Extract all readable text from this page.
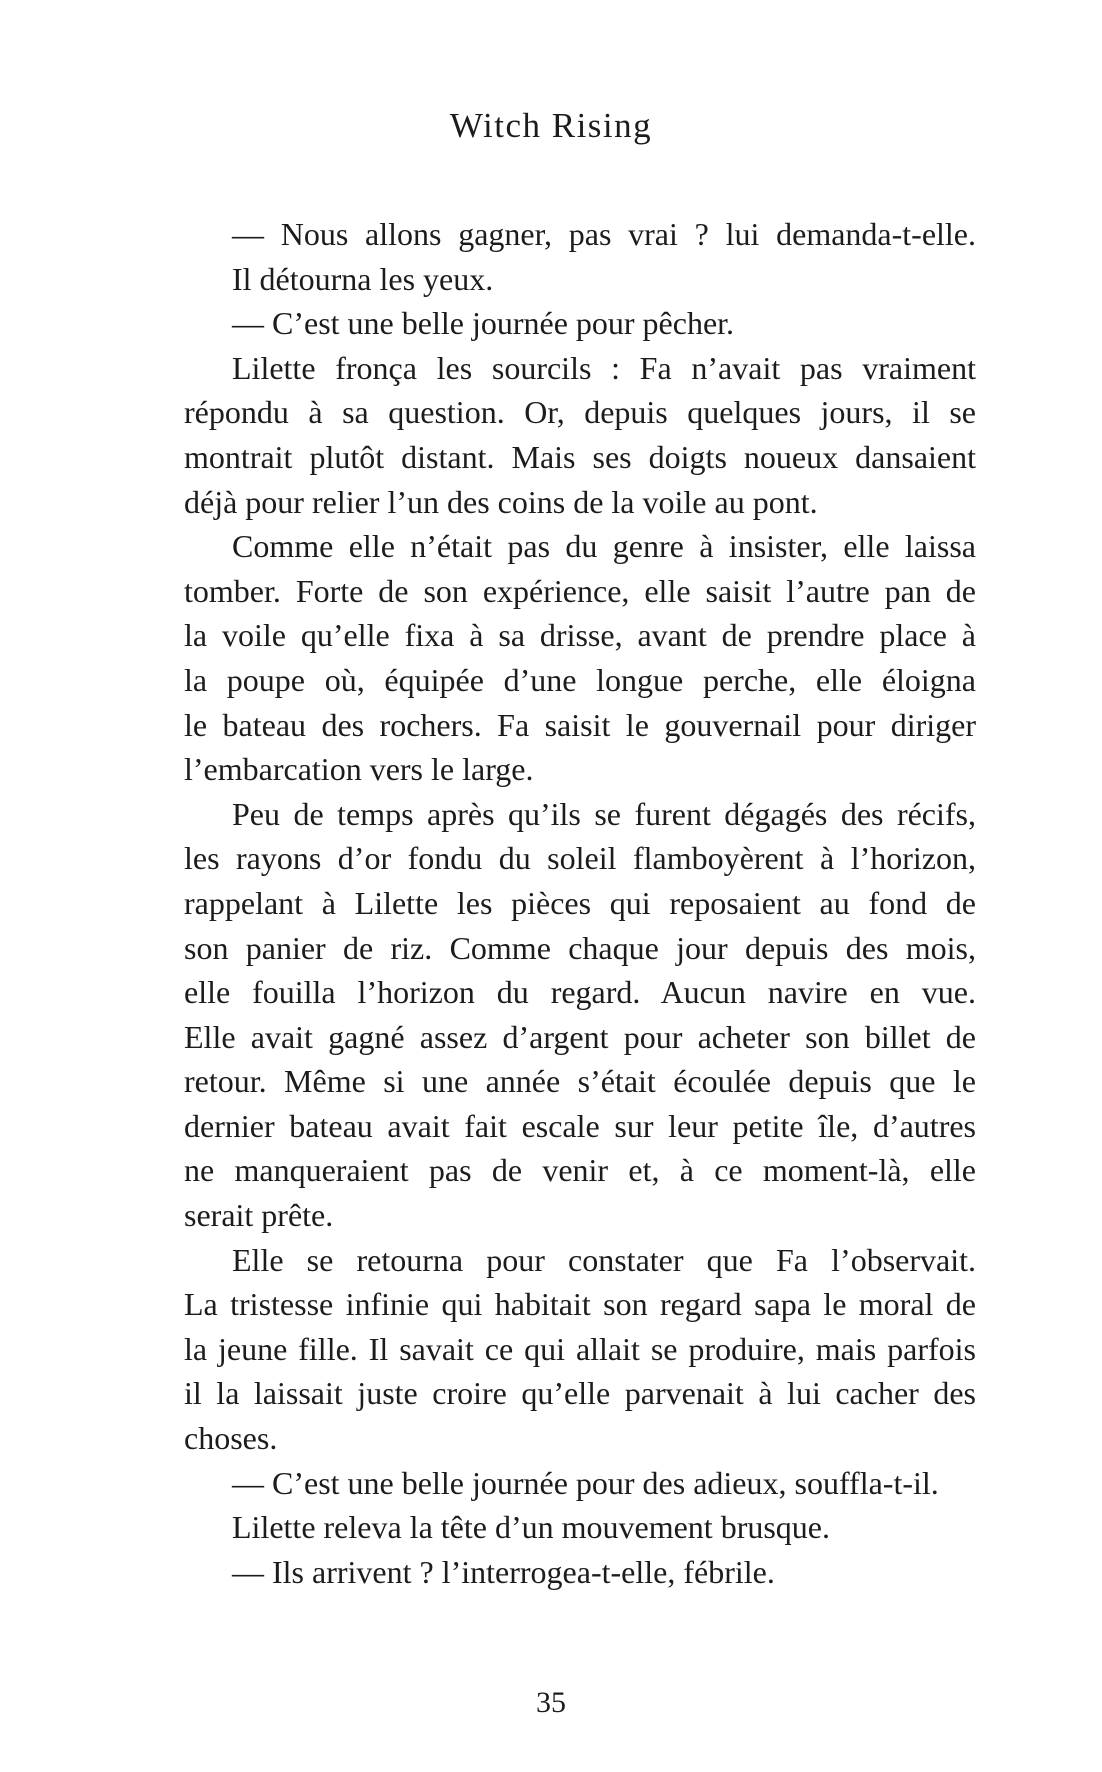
Witch Rising
— Nous allons gagner, pas vrai ? lui demanda-t-elle.
Il détourna les yeux.
— C’est une belle journée pour pêcher.
Lilette fronça les sourcils : Fa n’avait pas vraiment
répondu à sa question. Or, depuis quelques jours, il se
montrait plutôt distant. Mais ses doigts noueux dansaient
déjà pour relier l’un des coins de la voile au pont.
Comme elle n’était pas du genre à insister, elle laissa
tomber. Forte de son expérience, elle saisit l’autre pan de
la voile qu’elle fixa à sa drisse, avant de prendre place à
la poupe où, équipée d’une longue perche, elle éloigna
le bateau des rochers. Fa saisit le gouvernail pour diriger
l’embarcation vers le large.
Peu de temps après qu’ils se furent dégagés des récifs,
les rayons d’or fondu du soleil flamboyèrent à l’horizon,
rappelant à Lilette les pièces qui reposaient au fond de
son panier de riz. Comme chaque jour depuis des mois,
elle fouilla l’horizon du regard. Aucun navire en vue.
Elle avait gagné assez d’argent pour acheter son billet de
retour. Même si une année s’était écoulée depuis que le
dernier bateau avait fait escale sur leur petite île, d’autres
ne manqueraient pas de venir et, à ce moment-là, elle
serait prête.
Elle se retourna pour constater que Fa l’observait.
La tristesse infinie qui habitait son regard sapa le moral de
la jeune fille. Il savait ce qui allait se produire, mais parfois
il la laissait juste croire qu’elle parvenait à lui cacher des
choses.
— C’est une belle journée pour des adieux, souffla-t-il.
Lilette releva la tête d’un mouvement brusque.
— Ils arrivent ? l’interrogea-t-elle, fébrile.
35
